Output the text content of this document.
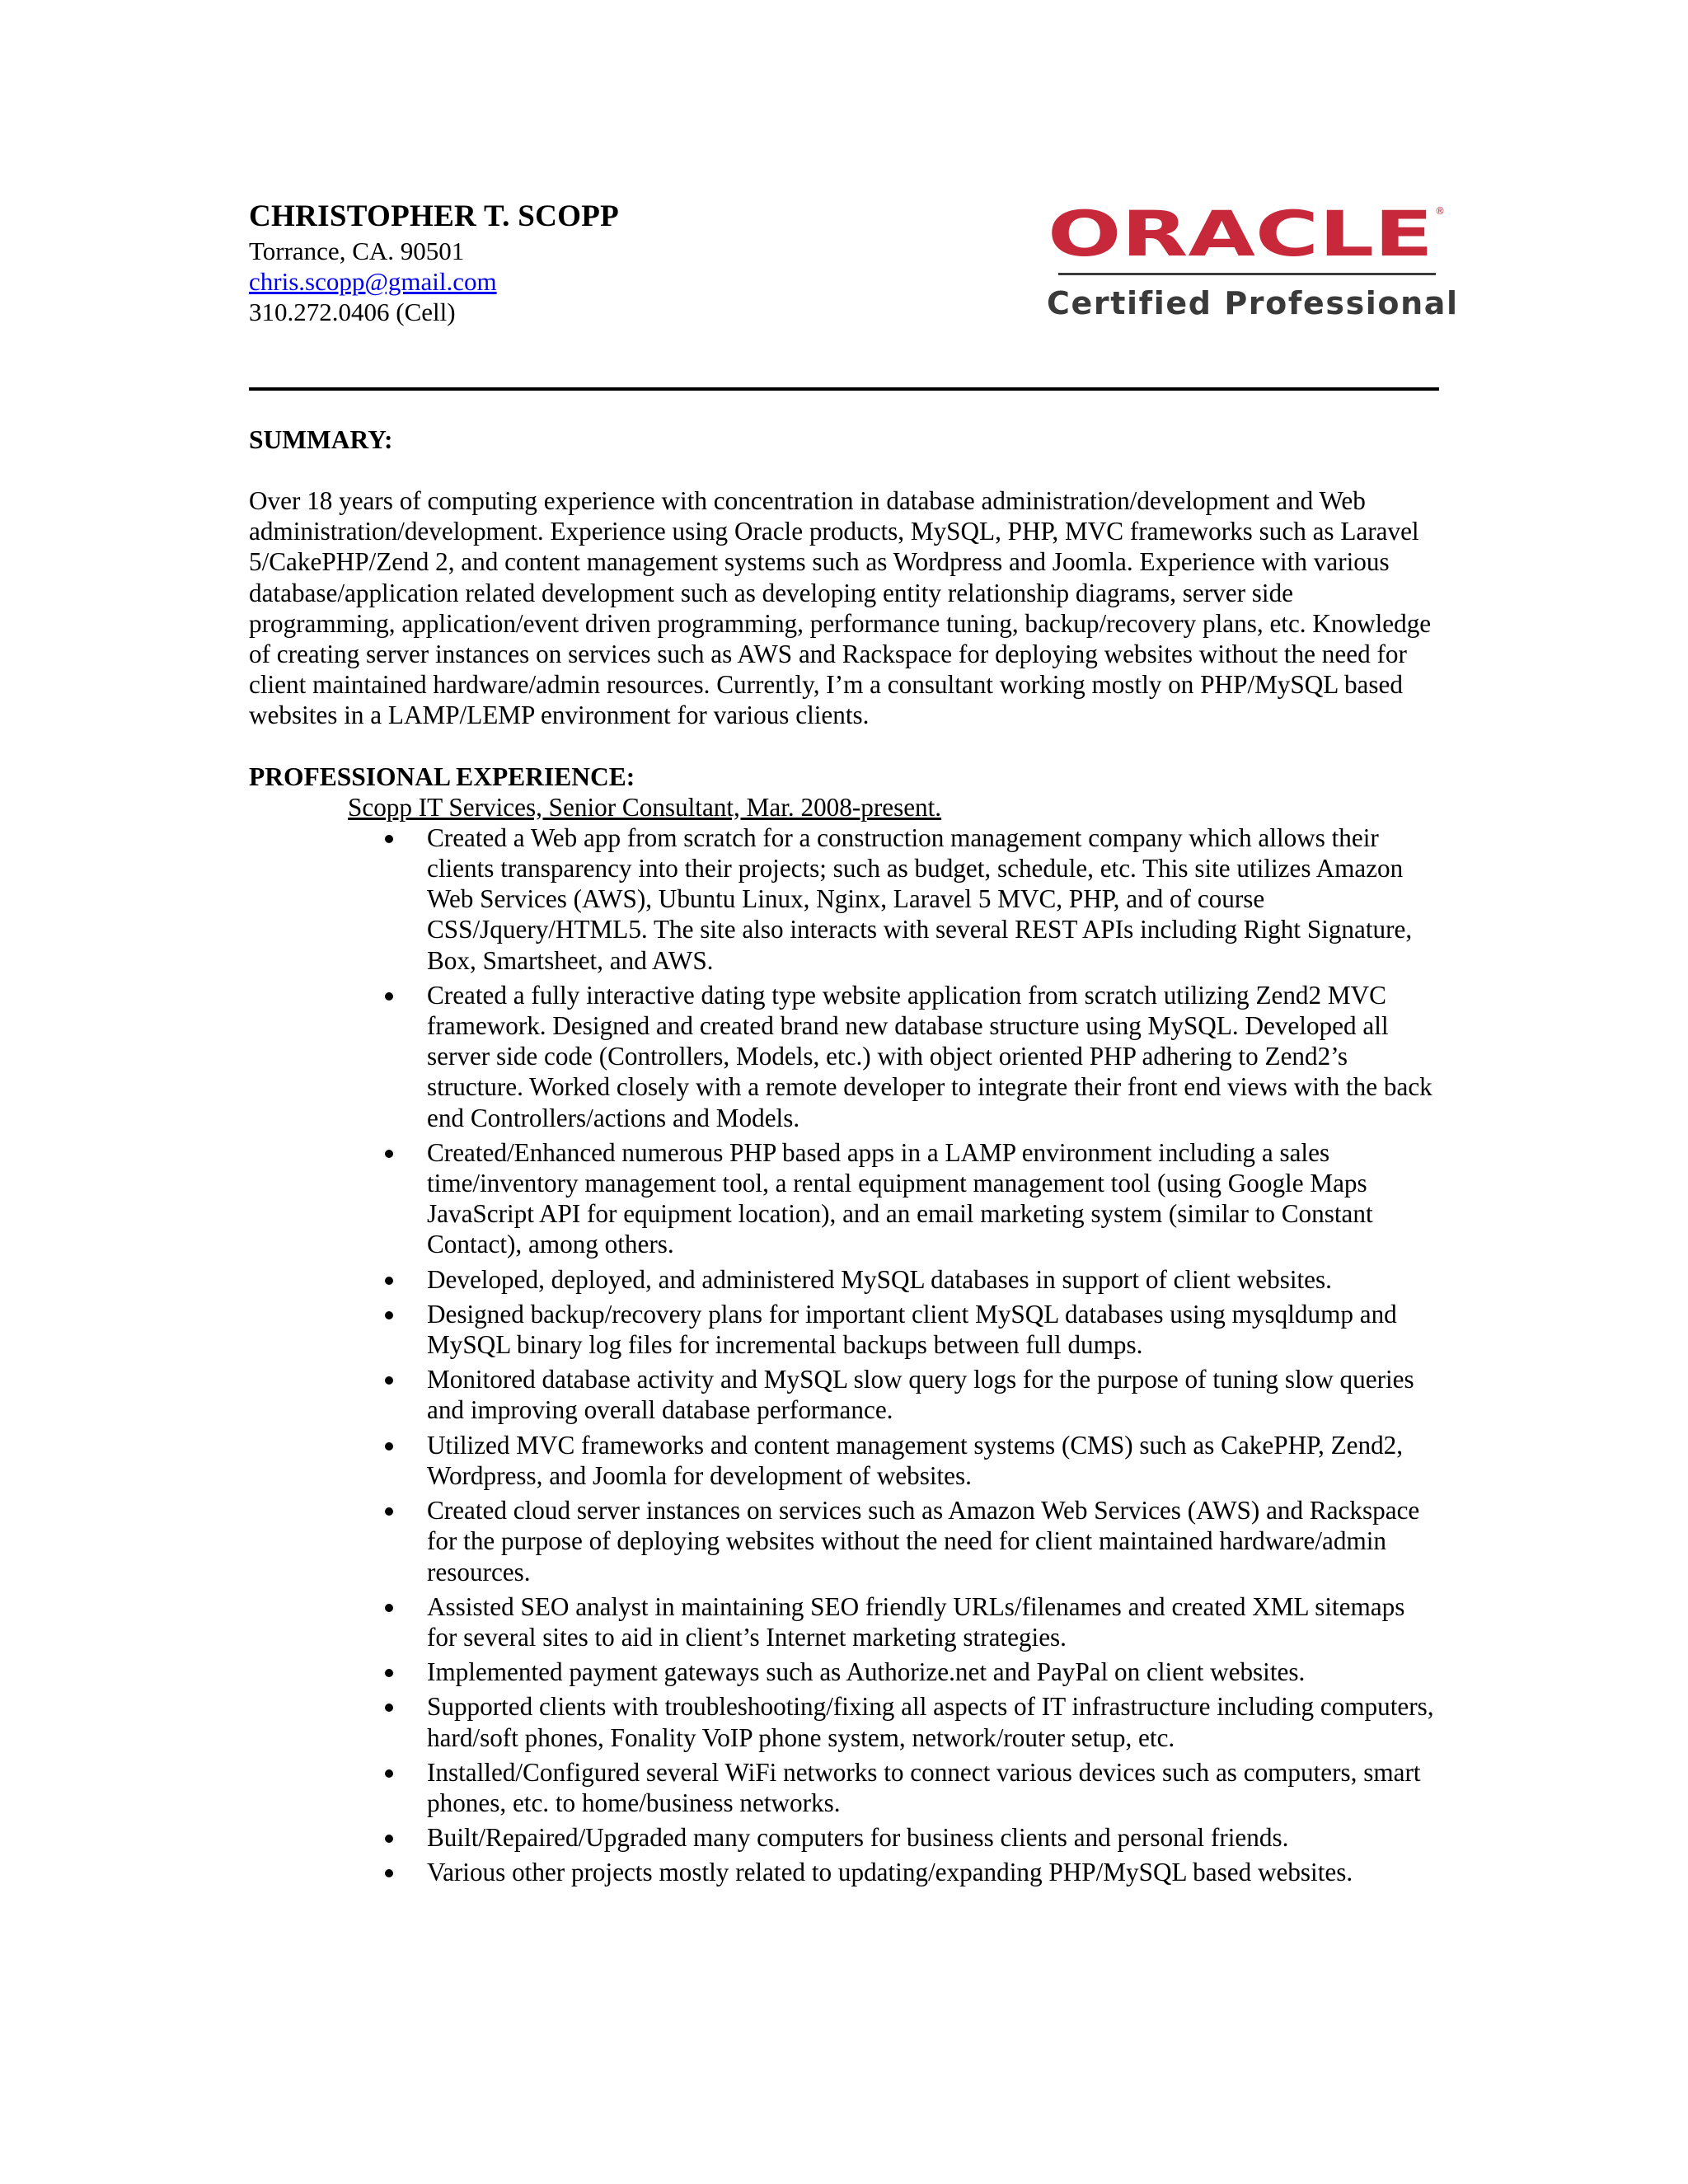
CHRISTOPHER T. SCOPP
Torrance, CA. 90501
chris.scopp@gmail.com
310.272.0406 (Cell)
ORACLE ®
Certified Professional
SUMMARY:

Over 18 years of computing experience with concentration in database administration/development and Web administration/development. Experience using Oracle products, MySQL, PHP, MVC frameworks such as Laravel 5/CakePHP/Zend 2, and content management systems such as Wordpress and Joomla. Experience with various database/application related development such as developing entity relationship diagrams, server side programming, application/event driven programming, performance tuning, backup/recovery plans, etc. Knowledge of creating server instances on services such as AWS and Rackspace for deploying websites without the need for client maintained hardware/admin resources. Currently, I’m a consultant working mostly on PHP/MySQL based websites in a LAMP/LEMP environment for various clients.

PROFESSIONAL EXPERIENCE:
Scopp IT Services, Senior Consultant, Mar. 2008-present.
Created a Web app from scratch for a construction management company which allows their clients transparency into their projects; such as budget, schedule, etc. This site utilizes Amazon Web Services (AWS), Ubuntu Linux, Nginx, Laravel 5 MVC, PHP, and of course CSS/Jquery/HTML5. The site also interacts with several REST APIs including Right Signature, Box, Smartsheet, and AWS.
Created a fully interactive dating type website application from scratch utilizing Zend2 MVC framework. Designed and created brand new database structure using MySQL. Developed all server side code (Controllers, Models, etc.) with object oriented PHP adhering to Zend2’s structure. Worked closely with a remote developer to integrate their front end views with the back end Controllers/actions and Models.
Created/Enhanced numerous PHP based apps in a LAMP environment including a sales time/inventory management tool, a rental equipment management tool (using Google Maps JavaScript API for equipment location), and an email marketing system (similar to Constant Contact), among others.
Developed, deployed, and administered MySQL databases in support of client websites.
Designed backup/recovery plans for important client MySQL databases using mysqldump and MySQL binary log files for incremental backups between full dumps.
Monitored database activity and MySQL slow query logs for the purpose of tuning slow queries and improving overall database performance.
Utilized MVC frameworks and content management systems (CMS) such as CakePHP, Zend2, Wordpress, and Joomla for development of websites.
Created cloud server instances on services such as Amazon Web Services (AWS) and Rackspace for the purpose of deploying websites without the need for client maintained hardware/admin resources.
Assisted SEO analyst in maintaining SEO friendly URLs/filenames and created XML sitemaps for several sites to aid in client’s Internet marketing strategies.
Implemented payment gateways such as Authorize.net and PayPal on client websites.
Supported clients with troubleshooting/fixing all aspects of IT infrastructure including computers, hard/soft phones, Fonality VoIP phone system, network/router setup, etc.
Installed/Configured several WiFi networks to connect various devices such as computers, smart phones, etc. to home/business networks.
Built/Repaired/Upgraded many computers for business clients and personal friends.
Various other projects mostly related to updating/expanding PHP/MySQL based websites.
